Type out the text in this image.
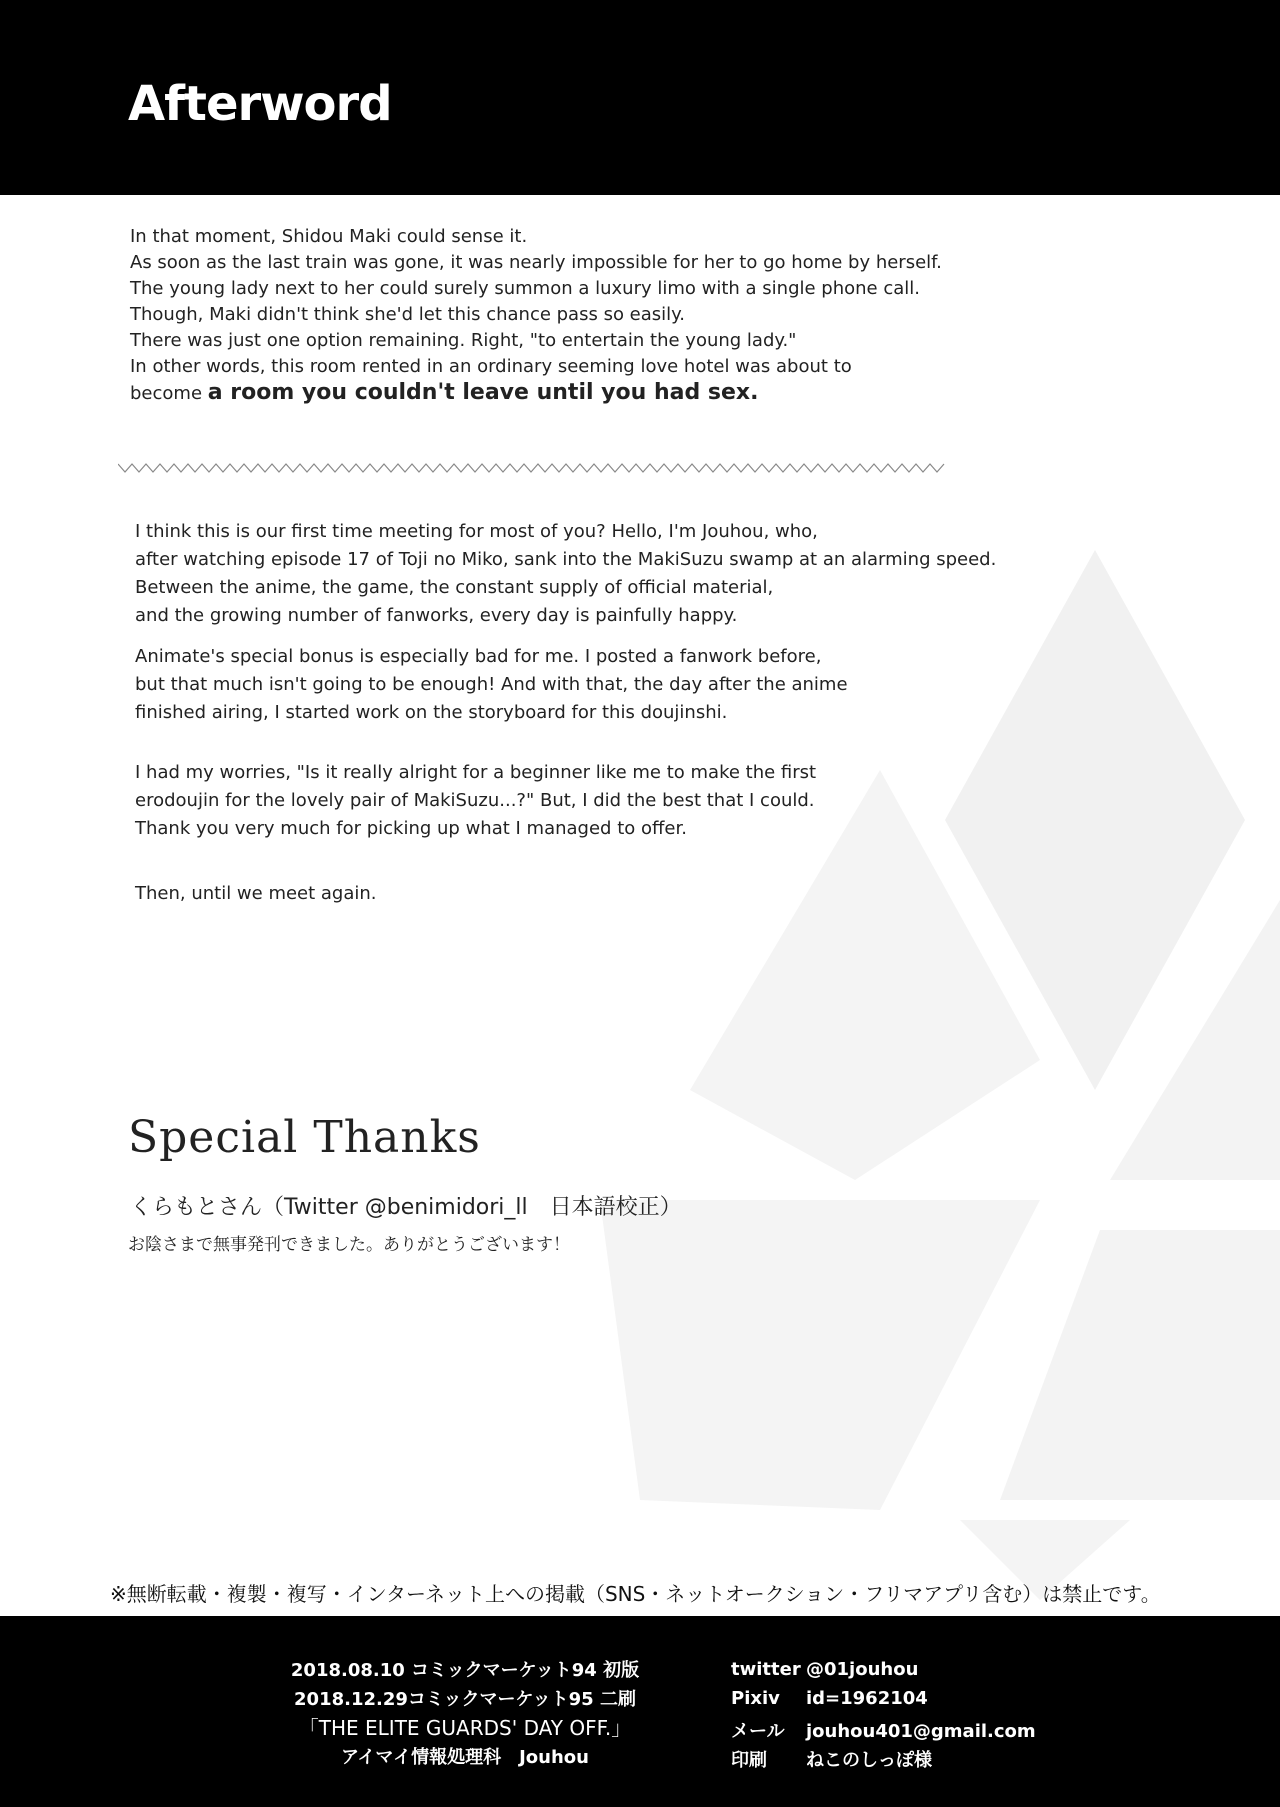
Afterword
In that moment, Shidou Maki could sense it.
As soon as the last train was gone, it was nearly impossible for her to go home by herself.
The young lady next to her could surely summon a luxury limo with a single phone call.
Though, Maki didn't think she'd let this chance pass so easily.
There was just one option remaining. Right, "to entertain the young lady."
In other words, this room rented in an ordinary seeming love hotel was about to
become a room you couldn't leave until you had sex.
I think this is our first time meeting for most of you? Hello, I'm Jouhou, who,
after watching episode 17 of Toji no Miko, sank into the MakiSuzu swamp at an alarming speed.
Between the anime, the game, the constant supply of official material,
and the growing number of fanworks, every day is painfully happy.
Animate's special bonus is especially bad for me. I posted a fanwork before,
but that much isn't going to be enough! And with that, the day after the anime
finished airing, I started work on the storyboard for this doujinshi.
I had my worries, "Is it really alright for a beginner like me to make the first
erodoujin for the lovely pair of MakiSuzu...?" But, I did the best that I could.
Thank you very much for picking up what I managed to offer.
Then, until we meet again.
Special Thanks
くらもとさん（Twitter @benimidori_ll　日本語校正）
お陰さまで無事発刊できました。ありがとうございます！
※無断転載・複製・複写・インターネット上への掲載（SNS・ネットオークション・フリマアプリ含む）は禁止です。
2018.08.10 コミックマーケット94 初版
2018.12.29コミックマーケット95 二刷
「THE ELITE GUARDS' DAY OFF.」
アイマイ情報処理科　Jouhou
twitter @01jouhou
Pixiv id=1962104
メール jouhou401@gmail.com
印刷 ねこのしっぽ様
